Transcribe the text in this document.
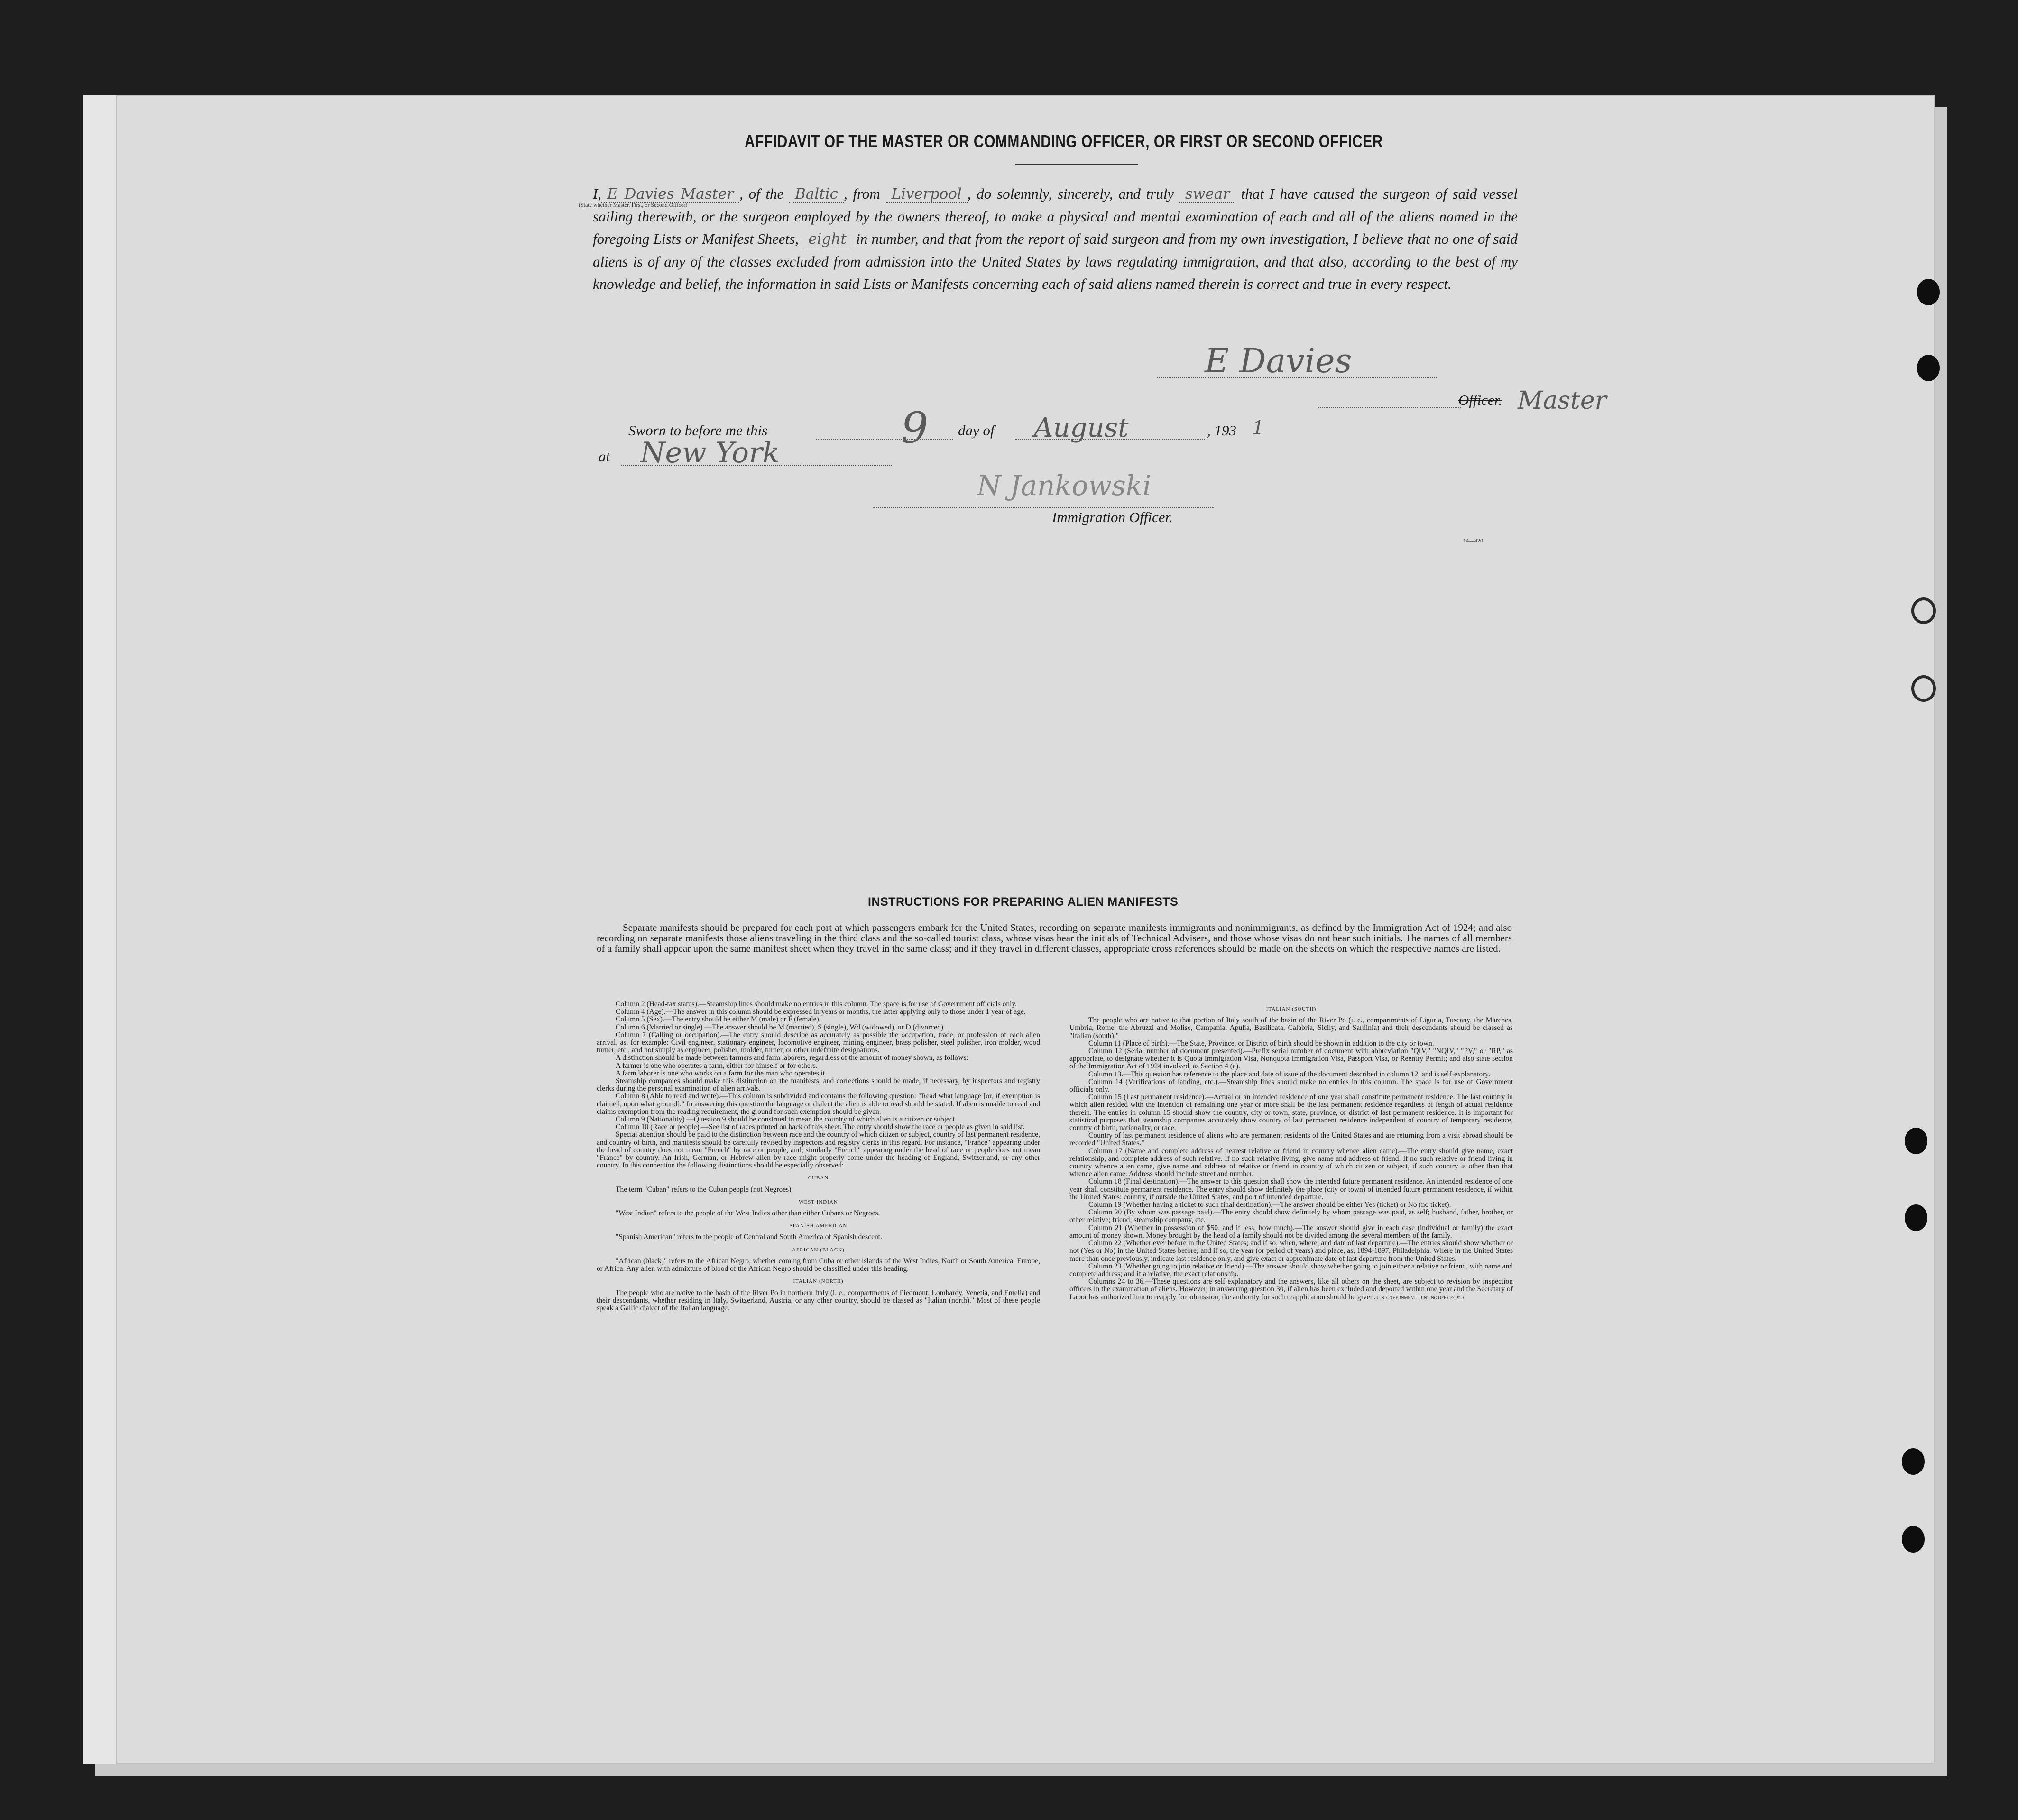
AFFIDAVIT OF THE MASTER OR COMMANDING OFFICER, OR FIRST OR SECOND OFFICER
I, E Davies Master , of the Baltic , from Liverpool , do solemnly, sincerely, and truly swear that I have caused the surgeon of said vessel sailing therewith, or the surgeon employed by the owners thereof, to make a physical and mental examination of each and all of the aliens named in the foregoing Lists or Manifest Sheets, eight in number, and that from the report of said surgeon and from my own investigation, I believe that no one of said aliens is of any of the classes excluded from admission into the United States by laws regulating immigration, and that also, according to the best of my knowledge and belief, the information in said Lists or Manifests concerning each of said aliens named therein is correct and true in every respect.
(State whether Master, First, or Second Officer)
E Davies
Officer. Master
Sworn to before me this	9 day of August	, 193 1
at New York
N Jankowski
Immigration Officer.
14—420
INSTRUCTIONS FOR PREPARING ALIEN MANIFESTS
Separate manifests should be prepared for each port at which passengers embark for the United States, recording on separate manifests immigrants and nonimmigrants, as defined by the Immigration Act of 1924; and also recording on separate manifests those aliens traveling in the third class and the so-called tourist class, whose visas bear the initials of Technical Advisers, and those whose visas do not bear such initials. The names of all members of a family shall appear upon the same manifest sheet when they travel in the same class; and if they travel in different classes, appropriate cross references should be made on the sheets on which the respective names are listed.

Column 2 (Head-tax status).—Steamship lines should make no entries in this column. The space is for use of Government officials only.

Column 4 (Age).—The answer in this column should be expressed in years or months, the latter applying only to those under 1 year of age.

Column 5 (Sex).—The entry should be either M (male) or F (female).

Column 6 (Married or single).—The answer should be M (married), S (single), Wd (widowed), or D (divorced).

Column 7 (Calling or occupation).—The entry should describe as accurately as possible the occupation, trade, or profession of each alien arrival, as, for example: Civil engineer, stationary engineer, locomotive engineer, mining engineer, brass polisher, steel polisher, iron molder, wood turner, etc., and not simply as engineer, polisher, molder, turner, or other indefinite designations.

A distinction should be made between farmers and farm laborers, regardless of the amount of money shown, as follows:

A farmer is one who operates a farm, either for himself or for others.

A farm laborer is one who works on a farm for the man who operates it.

Steamship companies should make this distinction on the manifests, and corrections should be made, if necessary, by inspectors and registry clerks during the personal examination of alien arrivals.

Column 8 (Able to read and write).—This column is subdivided and contains the following question: "Read what language [or, if exemption is claimed, upon what ground]." In answering this question the language or dialect the alien is able to read should be stated. If alien is unable to read and claims exemption from the reading requirement, the ground for such exemption should be given.

Column 9 (Nationality).—Question 9 should be construed to mean the country of which alien is a citizen or subject.

Column 10 (Race or people).—See list of races printed on back of this sheet. The entry should show the race or people as given in said list.

Special attention should be paid to the distinction between race and the country of which citizen or subject, country of last permanent residence, and country of birth, and manifests should be carefully revised by inspectors and registry clerks in this regard. For instance, "France" appearing under the head of country does not mean "French" by race or people, and, similarly "French" appearing under the head of race or people does not mean "France" by country. An Irish, German, or Hebrew alien by race might properly come under the heading of England, Switzerland, or any other country. In this connection the following distinctions should be especially observed:

CUBAN

The term "Cuban" refers to the Cuban people (not Negroes).

WEST INDIAN

"West Indian" refers to the people of the West Indies other than either Cubans or Negroes.

SPANISH AMERICAN

"Spanish American" refers to the people of Central and South America of Spanish descent.

AFRICAN (BLACK)

"African (black)" refers to the African Negro, whether coming from Cuba or other islands of the West Indies, North or South America, Europe, or Africa. Any alien with admixture of blood of the African Negro should be classified under this heading.

ITALIAN (NORTH)

The people who are native to the basin of the River Po in northern Italy (i. e., compartments of Piedmont, Lombardy, Venetia, and Emelia) and their descendants, whether residing in Italy, Switzerland, Austria, or any other country, should be classed as "Italian (north)." Most of these people speak a Gallic dialect of the Italian language.

ITALIAN (SOUTH)

The people who are native to that portion of Italy south of the basin of the River Po (i. e., compartments of Liguria, Tuscany, the Marches, Umbria, Rome, the Abruzzi and Molise, Campania, Apulia, Basilicata, Calabria, Sicily, and Sardinia) and their descendants should be classed as "Italian (south)."

Column 11 (Place of birth).—The State, Province, or District of birth should be shown in addition to the city or town.

Column 12 (Serial number of document presented).—Prefix serial number of document with abbreviation "QIV," "NQIV," "PV," or "RP," as appropriate, to designate whether it is Quota Immigration Visa, Nonquota Immigration Visa, Passport Visa, or Reentry Permit; and also state section of the Immigration Act of 1924 involved, as Section 4 (a).

Column 13.—This question has reference to the place and date of issue of the document described in column 12, and is self-explanatory.

Column 14 (Verifications of landing, etc.).—Steamship lines should make no entries in this column. The space is for use of Government officials only.

Column 15 (Last permanent residence).—Actual or an intended residence of one year shall constitute permanent residence. The last country in which alien resided with the intention of remaining one year or more shall be the last permanent residence regardless of length of actual residence therein. The entries in column 15 should show the country, city or town, state, province, or district of last permanent residence. It is important for statistical purposes that steamship companies accurately show country of last permanent residence independent of country of temporary residence, country of birth, nationality, or race.

Country of last permanent residence of aliens who are permanent residents of the United States and are returning from a visit abroad should be recorded "United States."

Column 17 (Name and complete address of nearest relative or friend in country whence alien came).—The entry should give name, exact relationship, and complete address of such relative. If no such relative living, give name and address of friend. If no such relative or friend living in country whence alien came, give name and address of relative or friend in country of which citizen or subject, if such country is other than that whence alien came. Address should include street and number.

Column 18 (Final destination).—The answer to this question shall show the intended future permanent residence. An intended residence of one year shall constitute permanent residence. The entry should show definitely the place (city or town) of intended future permanent residence, if within the United States; country, if outside the United States, and port of intended departure.

Column 19 (Whether having a ticket to such final destination).—The answer should be either Yes (ticket) or No (no ticket).

Column 20 (By whom was passage paid).—The entry should show definitely by whom passage was paid, as self; husband, father, brother, or other relative; friend; steamship company, etc.

Column 21 (Whether in possession of $50, and if less, how much).—The answer should give in each case (individual or family) the exact amount of money shown. Money brought by the head of a family should not be divided among the several members of the family.

Column 22 (Whether ever before in the United States; and if so, when, where, and date of last departure).—The entries should show whether or not (Yes or No) in the United States before; and if so, the year (or period of years) and place, as, 1894-1897, Philadelphia. Where in the United States more than once previously, indicate last residence only, and give exact or approximate date of last departure from the United States.

Column 23 (Whether going to join relative or friend).—The answer should show whether going to join either a relative or friend, with name and complete address; and if a relative, the exact relationship.

Columns 24 to 36.—These questions are self-explanatory and the answers, like all others on the sheet, are subject to revision by inspection officers in the examination of aliens. However, in answering question 30, if alien has been excluded and deported within one year and the Secretary of Labor has authorized him to reapply for admission, the authority for such reapplication should be given. U. S. GOVERNMENT PRINTING OFFICE: 1929
